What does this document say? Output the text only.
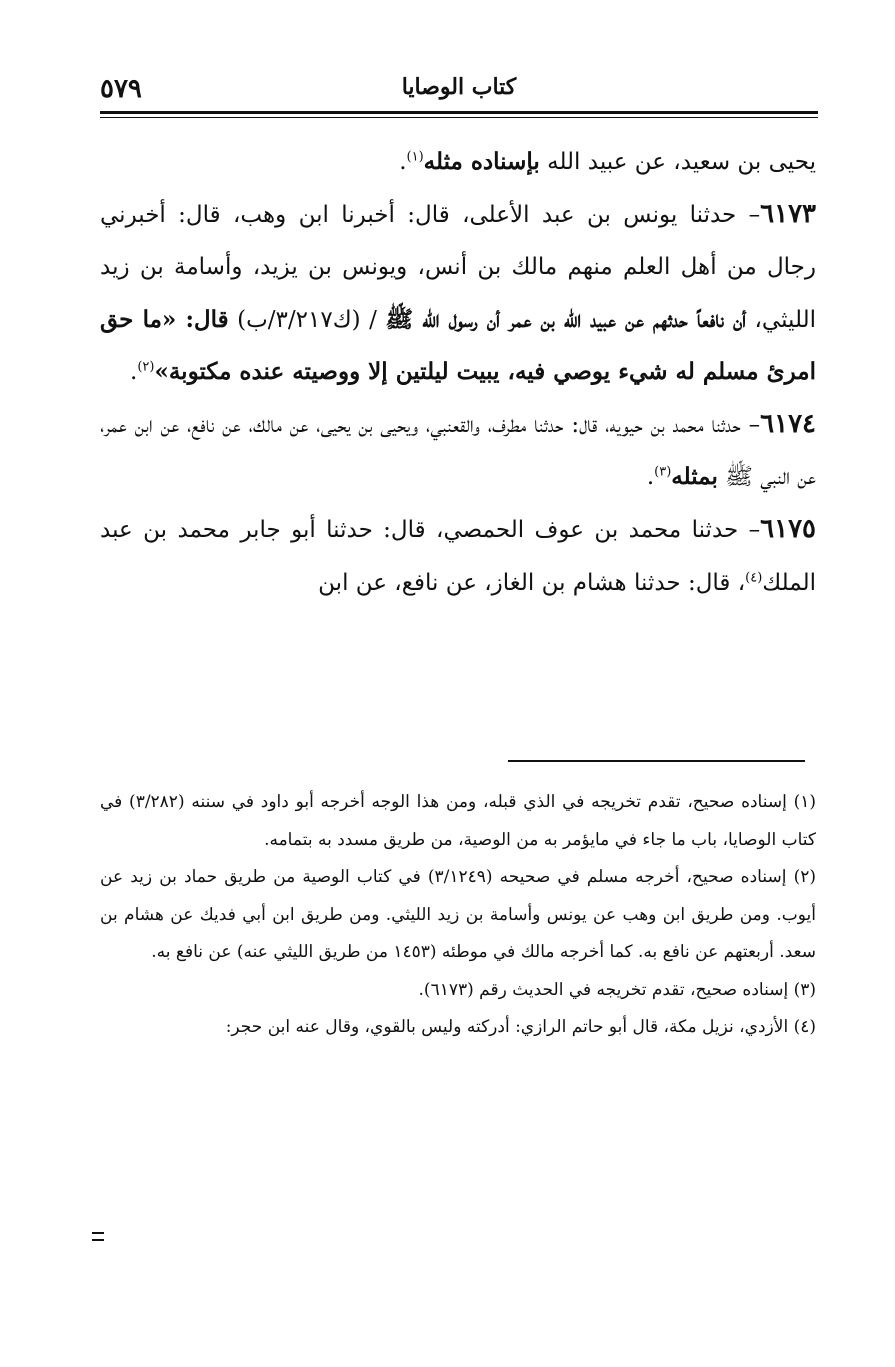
كتاب الوصايا
٥٧٩

يحيى بن سعيد، عن عبيد الله بإسناده مثله$^{(١)}$.

٦١٧٣– حدثنا يونس بن عبد الأعلى، قال: أخبرنا ابن وهب، قال: أخبرني رجال من أهل العلم منهم مالك بن أنس، ويونس بن يزيد، وأسامة بن زيد الليثي، أن نافعاً حدثهم عن عبيد الله بن عمر أن رسول الله ﷺ / (ك٣/٢١٧/ب) قال: «ما حق امرئ مسلم له شيء يوصي فيه، يبيت ليلتين إلا ووصيته عنده مكتوبة»$^{(٢)}$.

٦١٧٤– حدثنا محمد بن حيويه، قال: حدثنا مطرف، والقعنبي، ويحيى بن يحيى، عن مالك، عن نافع، عن ابن عمر، عن النبي ﷺ بمثله$^{(٣)}$.

٦١٧٥– حدثنا محمد بن عوف الحمصي، قال: حدثنا أبو جابر محمد بن عبد الملك$^{(٤)}$، قال: حدثنا هشام بن الغاز، عن نافع، عن ابن

(١) إسناده صحيح، تقدم تخريجه في الذي قبله، ومن هذا الوجه أخرجه أبو داود في سننه (٣/٢٨٢) في كتاب الوصايا، باب ما جاء في مايؤمر به من الوصية، من طريق مسدد به بتمامه.

(٢) إسناده صحيح، أخرجه مسلم في صحيحه (٣/١٢٤٩) في كتاب الوصية من طريق حماد بن زيد عن أيوب. ومن طريق ابن وهب عن يونس وأسامة بن زيد الليثي. ومن طريق ابن أبي فديك عن هشام بن سعد. أربعتهم عن نافع به. كما أخرجه مالك في موطئه (١٤٥٣ من طريق الليثي عنه) عن نافع به.

(٣) إسناده صحيح، تقدم تخريجه في الحديث رقم (٦١٧٣).

(٤) الأزدي، نزيل مكة، قال أبو حاتم الرازي: أدركته وليس بالقوي، وقال عنه ابن حجر:
